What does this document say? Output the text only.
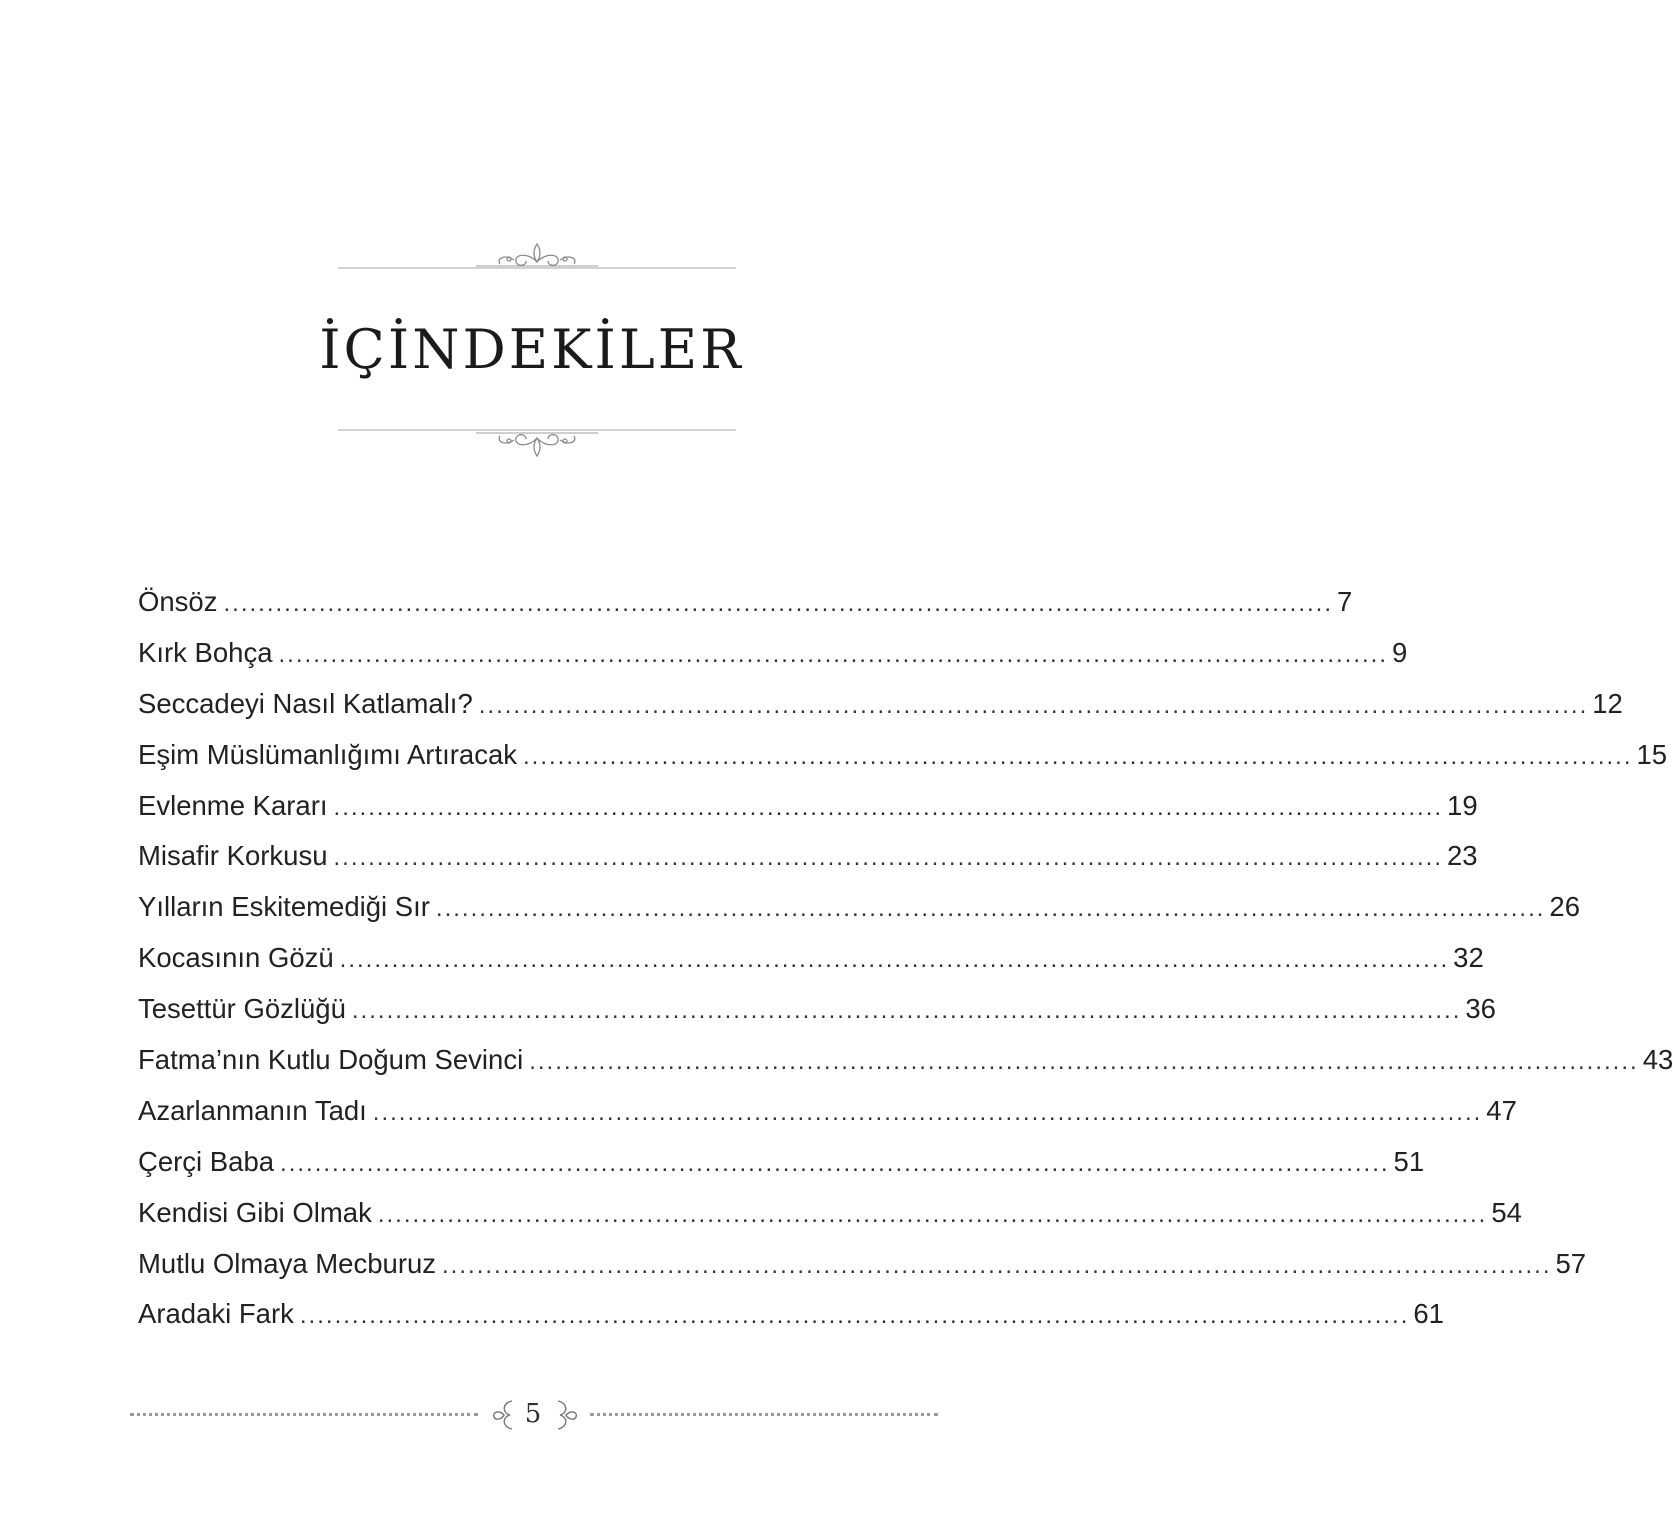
İÇİNDEKİLER
Önsöz ................................................................................................................................ 7
Kırk Bohça ................................................................................................................................ 9
Seccadeyi Nasıl Katlamalı? ................................................................................................................................ 12
Eşim Müslümanlığımı Artıracak ................................................................................................................................ 15
Evlenme Kararı ................................................................................................................................ 19
Misafir Korkusu ................................................................................................................................ 23
Yılların Eskitemediği Sır ................................................................................................................................ 26
Kocasının Gözü ................................................................................................................................ 32
Tesettür Gözlüğü ................................................................................................................................ 36
Fatma’nın Kutlu Doğum Sevinci ................................................................................................................................ 43
Azarlanmanın Tadı ................................................................................................................................ 47
Çerçi Baba ................................................................................................................................ 51
Kendisi Gibi Olmak ................................................................................................................................ 54
Mutlu Olmaya Mecburuz ................................................................................................................................ 57
Aradaki Fark ................................................................................................................................ 61
5
